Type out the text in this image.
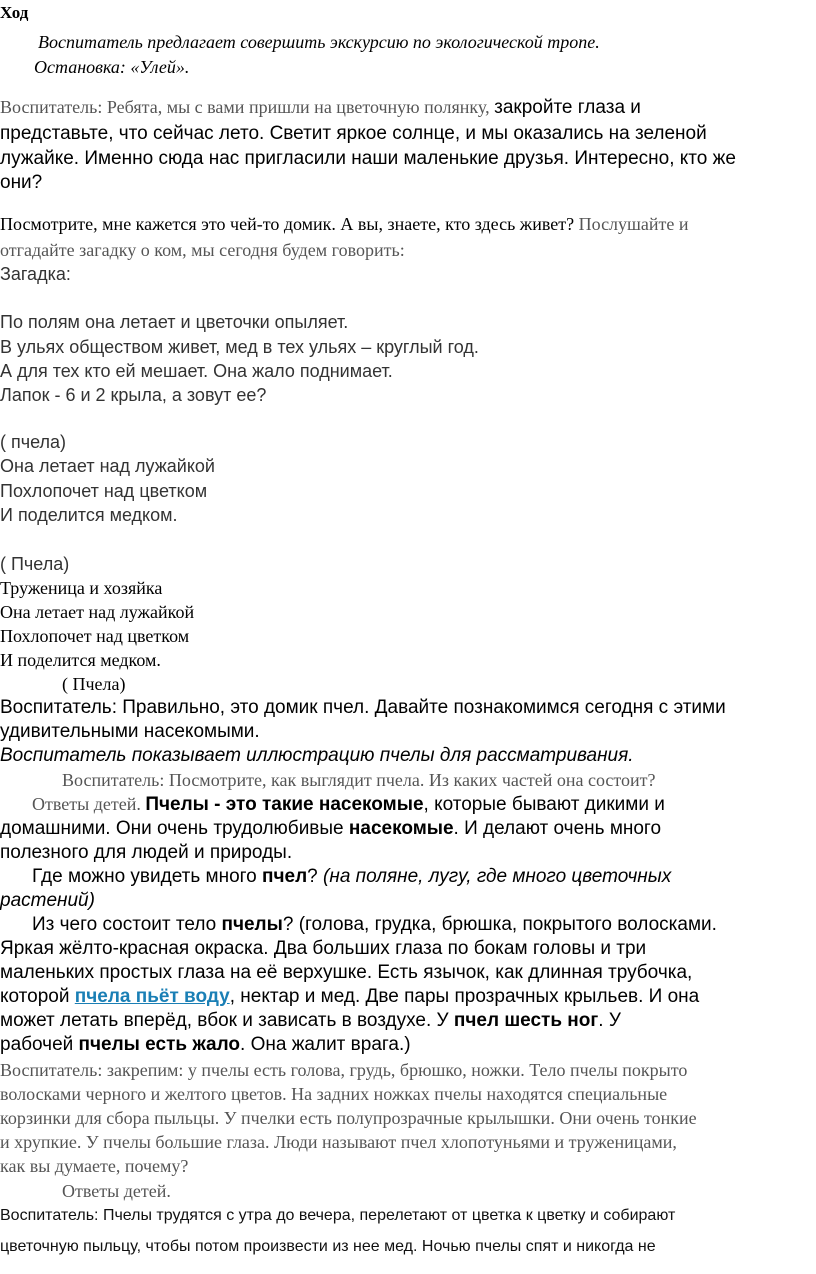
Ход

Воспитатель предлагает совершить экскурсию по экологической тропе.

Остановка: «Улей».

Воспитатель: Ребята, мы с вами пришли на цветочную полянку, закройте глаза и

представьте, что сейчас лето. Светит яркое солнце, и мы оказались на зеленой

лужайке. Именно сюда нас пригласили наши маленькие друзья. Интересно, кто же

они?

Посмотрите, мне кажется это чей-то домик. А вы, знаете, кто здесь живет? Послушайте и

отгадайте загадку о ком, мы сегодня будем говорить:

Загадка:

По полям она летает и цветочки опыляет.

В ульях обществом живет, мед в тех ульях – круглый год.

А для тех кто ей мешает. Она жало поднимает.

Лапок - 6 и 2 крыла, а зовут ее?

( пчела)

Она летает над лужайкой

Похлопочет над цветком

И поделится медком.

( Пчела)

Труженица и хозяйка

Она летает над лужайкой

Похлопочет над цветком

И поделится медком.

( Пчела)

Воспитатель: Правильно, это домик пчел. Давайте познакомимся сегодня с этими

удивительными насекомыми.

Воспитатель показывает иллюстрацию пчелы для рассматривания.

Воспитатель: Посмотрите, как выглядит пчела. Из каких частей она состоит?

Ответы детей. Пчелы - это такие насекомые, которые бывают дикими и

домашними. Они очень трудолюбивые насекомые. И делают очень много

полезного для людей и природы.

Где можно увидеть много пчел? (на поляне, лугу, где много цветочных

растений)

Из чего состоит тело пчелы? (голова, грудка, брюшка, покрытого волосками.

Яркая жёлто-красная окраска. Два больших глаза по бокам головы и три

маленьких простых глаза на её верхушке. Есть язычок, как длинная трубочка,

которой пчела пьёт воду, нектар и мед. Две пары прозрачных крыльев. И она

может летать вперёд, вбок и зависать в воздухе. У пчел шесть ног. У

рабочей пчелы есть жало. Она жалит врага.)

Воспитатель: закрепим: у пчелы есть голова, грудь, брюшко, ножки. Тело пчелы покрыто

волосками черного и желтого цветов. На задних ножках пчелы находятся специальные

корзинки для сбора пыльцы. У пчелки есть полупрозрачные крылышки. Они очень тонкие

и хрупкие. У пчелы большие глаза. Люди называют пчел хлопотуньями и труженицами,

как вы думаете, почему?

Ответы детей.

Воспитатель: Пчелы трудятся с утра до вечера, перелетают от цветка к цветку и собирают

цветочную пыльцу, чтобы потом произвести из нее мед. Ночью пчелы спят и никогда не
